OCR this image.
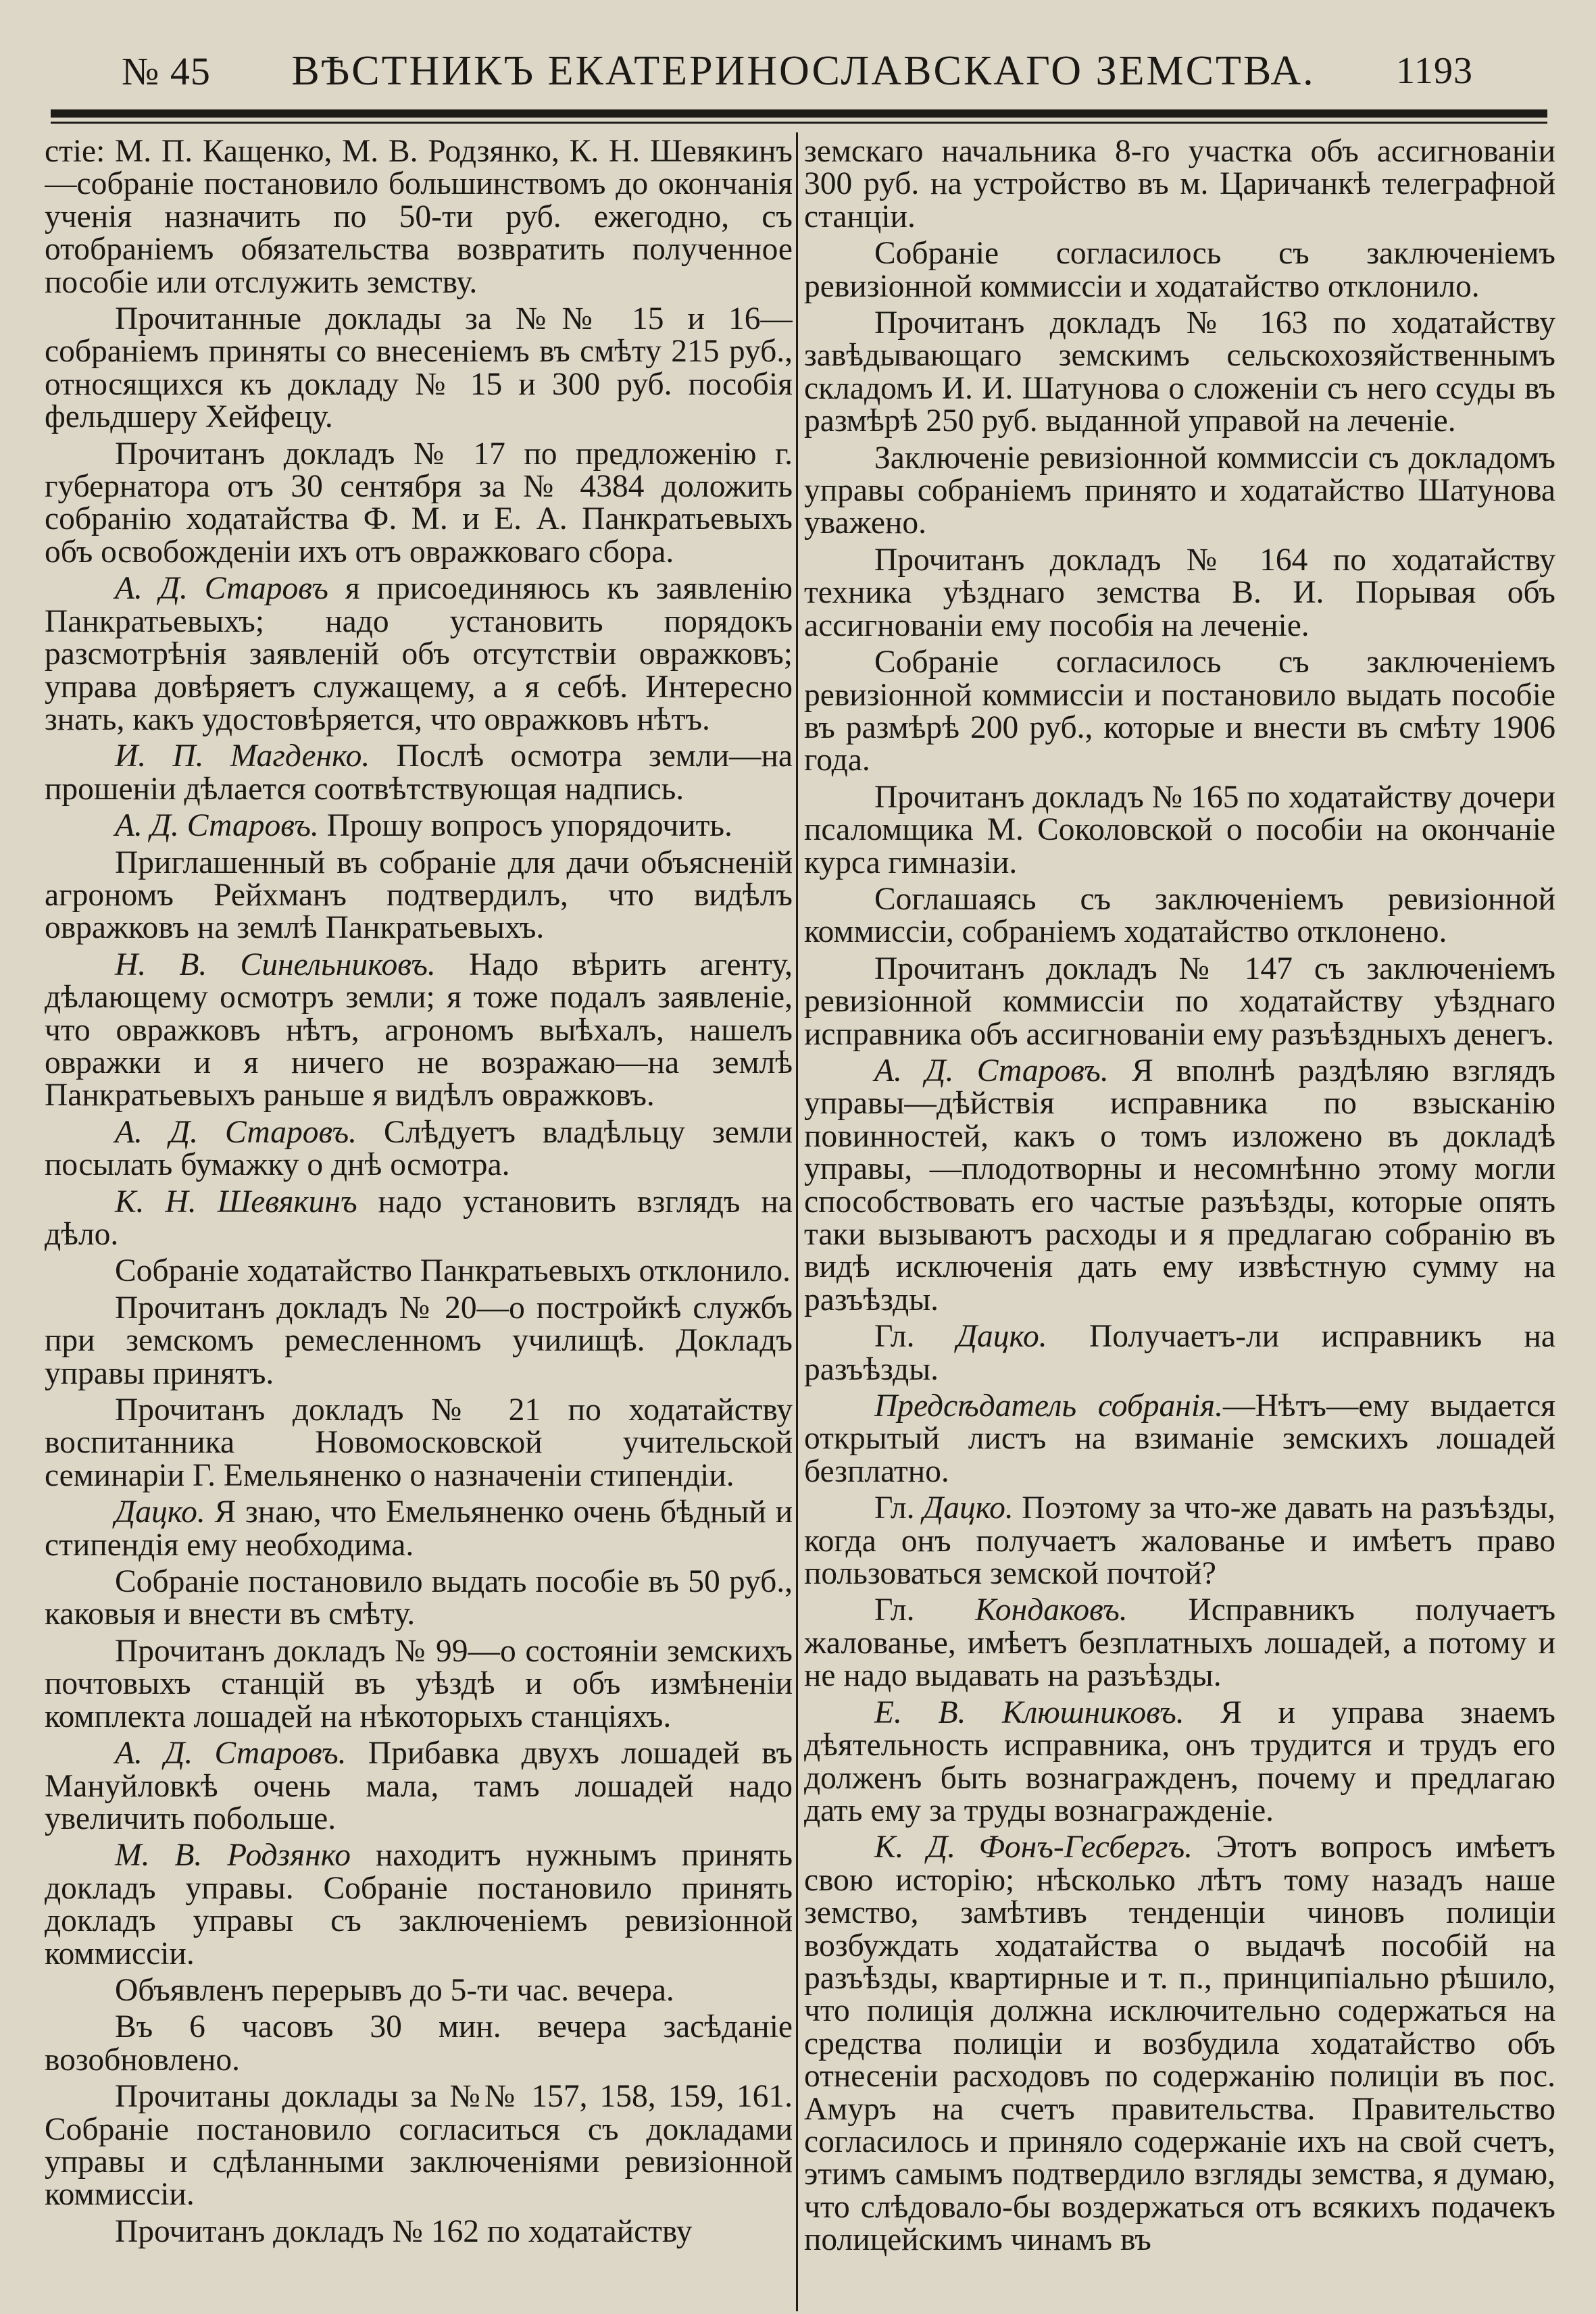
№ 45 ВѢСТНИКЪ ЕКАТЕРИНОСЛАВСКАГО ЗЕМСТВА. 1193

стіе: М. П. Кащенко, М. В. Родзянко, К. Н. Шевякинъ—собраніе постановило большинствомъ до окончанія ученія назначить по 50-ти руб. ежегодно, съ отобраніемъ обязательства возвратить полученное пособіе или отслужить земству.

Прочитанные доклады за №№ 15 и 16—собраніемъ приняты со внесеніемъ въ смѣту 215 руб., относящихся къ докладу № 15 и 300 руб. пособія фельдшеру Хейфецу.

Прочитанъ докладъ № 17 по предложенію г. губернатора отъ 30 сентября за № 4384 доложить собранію ходатайства Ф. М. и Е. А. Панкратьевыхъ объ освобожденіи ихъ отъ овражковаго сбора.

А. Д. Старовъ я присоединяюсь къ заявленію Панкратьевыхъ; надо установить порядокъ разсмотрѣнія заявленій объ отсутствіи овражковъ; управа довѣряетъ служащему, а я себѣ. Интересно знать, какъ удостовѣряется, что овражковъ нѣтъ.

И. П. Магденко. Послѣ осмотра земли—на прошеніи дѣлается соотвѣтствующая надпись.

А. Д. Старовъ. Прошу вопросъ упорядочить.

Приглашенный въ собраніе для дачи объясненій агрономъ Рейхманъ подтвердилъ, что видѣлъ овражковъ на землѣ Панкратьевыхъ.

Н. В. Синельниковъ. Надо вѣрить агенту, дѣлающему осмотръ земли; я тоже подалъ заявленіе, что овражковъ нѣтъ, агрономъ выѣхалъ, нашелъ овражки и я ничего не возражаю—на землѣ Панкратьевыхъ раньше я видѣлъ овражковъ.

А. Д. Старовъ. Слѣдуетъ владѣльцу земли посылать бумажку о днѣ осмотра.

К. Н. Шевякинъ надо установить взглядъ на дѣло.

Собраніе ходатайство Панкратьевыхъ отклонило.

Прочитанъ докладъ № 20—о постройкѣ службъ при земскомъ ремесленномъ училищѣ. Докладъ управы принятъ.

Прочитанъ докладъ № 21 по ходатайству воспитанника Новомосковской учительской семинаріи Г. Емельяненко о назначеніи стипендіи.

Дацко. Я знаю, что Емельяненко очень бѣдный и стипендія ему необходима.

Собраніе постановило выдать пособіе въ 50 руб., каковыя и внести въ смѣту.

Прочитанъ докладъ № 99—о состояніи земскихъ почтовыхъ станцій въ уѣздѣ и объ измѣненіи комплекта лошадей на нѣкоторыхъ станціяхъ.

А. Д. Старовъ. Прибавка двухъ лошадей въ Мануйловкѣ очень мала, тамъ лошадей надо увеличить побольше.

М. В. Родзянко находитъ нужнымъ принять докладъ управы. Собраніе постановило принять докладъ управы съ заключеніемъ ревизіонной коммиссіи.

Объявленъ перерывъ до 5-ти час. вечера.

Въ 6 часовъ 30 мин. вечера засѣданіе возобновлено.

Прочитаны доклады за №№ 157, 158, 159, 161. Собраніе постановило согласиться съ докладами управы и сдѣланными заключеніями ревизіонной коммиссіи.

Прочитанъ докладъ № 162 по ходатайству

земскаго начальника 8-го участка объ ассигнованіи 300 руб. на устройство въ м. Царичанкѣ телеграфной станціи.

Собраніе согласилось съ заключеніемъ ревизіонной коммиссіи и ходатайство отклонило.

Прочитанъ докладъ № 163 по ходатайству завѣдывающаго земскимъ сельскохозяйственнымъ складомъ И. И. Шатунова о сложеніи съ него ссуды въ размѣрѣ 250 руб. выданной управой на леченіе.

Заключеніе ревизіонной коммиссіи съ докладомъ управы собраніемъ принято и ходатайство Шатунова уважено.

Прочитанъ докладъ № 164 по ходатайству техника уѣзднаго земства В. И. Порывая объ ассигнованіи ему пособія на леченіе.

Собраніе согласилось съ заключеніемъ ревизіонной коммиссіи и постановило выдать пособіе въ размѣрѣ 200 руб., которые и внести въ смѣту 1906 года.

Прочитанъ докладъ № 165 по ходатайству дочери псаломщика М. Соколовской о пособіи на окончаніе курса гимназіи.

Соглашаясь съ заключеніемъ ревизіонной коммиссіи, собраніемъ ходатайство отклонено.

Прочитанъ докладъ № 147 съ заключеніемъ ревизіонной коммиссіи по ходатайству уѣзднаго исправника объ ассигнованіи ему разъѣздныхъ денегъ.

А. Д. Старовъ. Я вполнѣ раздѣляю взглядъ управы—дѣйствія исправника по взысканію повинностей, какъ о томъ изложено въ докладѣ управы, —плодотворны и несомнѣнно этому могли способствовать его частые разъѣзды, которые опять таки вызываютъ расходы и я предлагаю собранію въ видѣ исключенія дать ему извѣстную сумму на разъѣзды.

Гл. Дацко. Получаетъ-ли исправникъ на разъѣзды.

Предсѣдатель собранія.—Нѣтъ—ему выдается открытый листъ на взиманіе земскихъ лошадей безплатно.

Гл. Дацко. Поэтому за что-же давать на разъѣзды, когда онъ получаетъ жалованье и имѣетъ право пользоваться земской почтой?

Гл. Кондаковъ. Исправникъ получаетъ жалованье, имѣетъ безплатныхъ лошадей, а потому и не надо выдавать на разъѣзды.

Е. В. Клюшниковъ. Я и управа знаемъ дѣятельность исправника, онъ трудится и трудъ его долженъ быть вознагражденъ, почему и предлагаю дать ему за труды вознагражденіе.

К. Д. Фонъ-Гесбергъ. Этотъ вопросъ имѣетъ свою исторію; нѣсколько лѣтъ тому назадъ наше земство, замѣтивъ тенденціи чиновъ полиціи возбуждать ходатайства о выдачѣ пособій на разъѣзды, квартирные и т. п., принципіально рѣшило, что полиція должна исключительно содержаться на средства полиціи и возбудила ходатайство объ отнесеніи расходовъ по содержанію полиціи въ пос. Амуръ на счетъ правительства. Правительство согласилось и приняло содержаніе ихъ на свой счетъ, этимъ самымъ подтвердило взгляды земства, я думаю, что слѣдовало-бы воздержаться отъ всякихъ подачекъ полицейскимъ чинамъ въ
